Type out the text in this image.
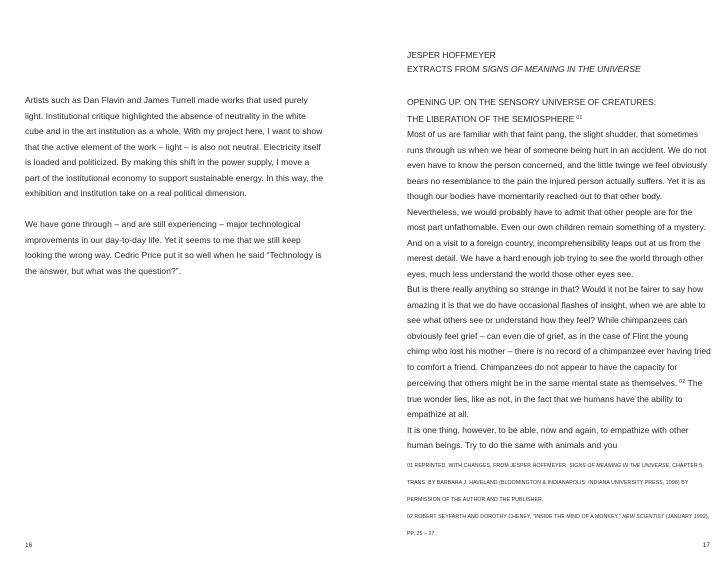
Artists such as Dan Flavin and James Turrell made works that used purely light. Institutional critique highlighted the absence of neutrality in the white cube and in the art institution as a whole. With my project here, I want to show that the active element of the work – light – is also not neutral. Electricity itself is loaded and politicized. By making this shift in the power supply, I move a part of the institutional economy to support sustainable energy. In this way, the exhibition and institution take on a real political dimension.

We have gone through – and are still experiencing – major technological improvements in our day-to-day life. Yet it seems to me that we still keep looking the wrong way. Cedric Price put it so well when he said “Technology is the answer, but what was the question?”.

16
JESPER HOFFMEYER
EXTRACTS FROM SIGNS OF MEANING IN THE UNIVERSE
OPENING UP. ON THE SENSORY UNIVERSE OF CREATURES:
THE LIBERATION OF THE SEMIOSPHERE $^{01}$

Most of us are familiar with that faint pang, the slight shudder, that sometimes runs through us when we hear of someone being hurt in an accident. We do not even have to know the person concerned, and the little twinge we feel obviously bears no resemblance to the pain the injured person actually suffers. Yet it is as though our bodies have momentarily reached out to that other body.

Nevertheless, we would probably have to admit that other people are for the most part unfathomable. Even our own children remain something of a mystery. And on a visit to a foreign country, incomprehensibility leaps out at us from the merest detail. We have a hard enough job trying to see the world through other eyes, much less understand the world those other eyes see.

But is there really anything so strange in that? Would it not be fairer to say how amazing it is that we do have occasional flashes of insight, when we are able to see what others see or understand how they feel? While chimpanzees can obviously feel grief – can even die of grief, as in the case of Flint the young chimp who lost his mother – there is no record of a chimpanzee ever having tried to comfort a friend. Chimpanzees do not appear to have the capacity for perceiving that others might be in the same mental state as themselves. $^{02}$ The true wonder lies, like as not, in the fact that we humans have the ability to empathize at all.

It is one thing, however, to be able, now and again, to empathize with other human beings. Try to do the same with animals and you

01 REPRINTED, WITH CHANGES, FROM JESPER HOFFMEYER, SIGNS OF MEANING IN THE UNIVERSE, CHAPTER 5, TRANS. BY BARBARA J. HAVELAND (BLOOMINGTON & INDIANAPOLIS: INDIANA UNIVERSITY PRESS, 1996) BY PERMISSION OF THE AUTHOR AND THE PUBLISHER.

02 ROBERT SEYFARTH AND DOROTHY CHENEY, “INSIDE THE MIND OF A MONKEY,” NEW SCIENTIST (JANUARY 1992), PP. 25 – 27.

17
